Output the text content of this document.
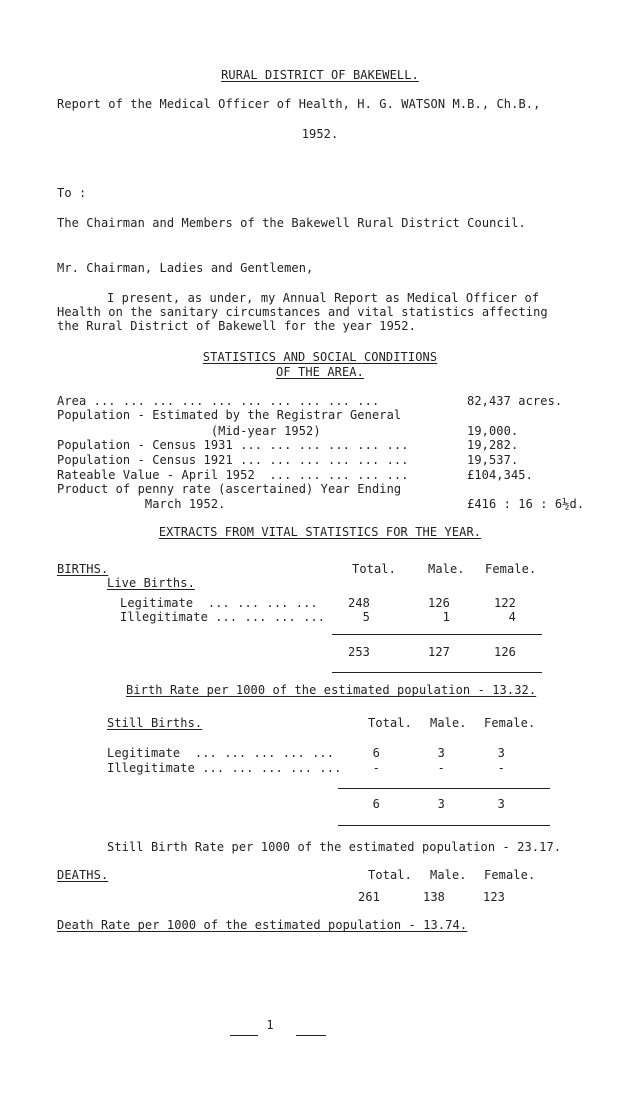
RURAL DISTRICT OF BAKEWELL.
Report of the Medical Officer of Health, H. G. WATSON M.B., Ch.B.,
1952.
To :
The Chairman and Members of the Bakewell Rural District Council.
Mr. Chairman, Ladies and Gentlemen,
I present, as under, my Annual Report as Medical Officer of
Health on the sanitary circumstances and vital statistics affecting
the Rural District of Bakewell for the year 1952.
STATISTICS AND SOCIAL CONDITIONS
OF THE AREA.
Area ... ... ... ... ... ... ... ... ... ...	82,437 acres.
Population - Estimated by the Registrar General
(Mid-year 1952)	19,000.
Population - Census 1931 ... ... ... ... ... ...	19,282.
Population - Census 1921 ... ... ... ... ... ...	19,537.
Rateable Value - April 1952  ... ... ... ... ...	£104,345.
Product of penny rate (ascertained) Year Ending
March 1952.	£416 : 16 : 6½d.
EXTRACTS FROM VITAL STATISTICS FOR THE YEAR.
BIRTHS.	Total.	Male. Female.
Live Births.
Legitimate  ... ... ... ...	248	126	122
Illegitimate ... ... ... ...	5	1	4
253	127	126
Birth Rate per 1000 of the estimated population - 13.32.
Still Births.	Total. Male. Female.
Legitimate  ... ... ... ... ...	6	3	3
Illegitimate ... ... ... ... ...	-	-	-
6	3	3
Still Birth Rate per 1000 of the estimated population - 23.17.
DEATHS.	Total. Male. Female.
261	138	123
Death Rate per 1000 of the estimated population - 13.74.
1
